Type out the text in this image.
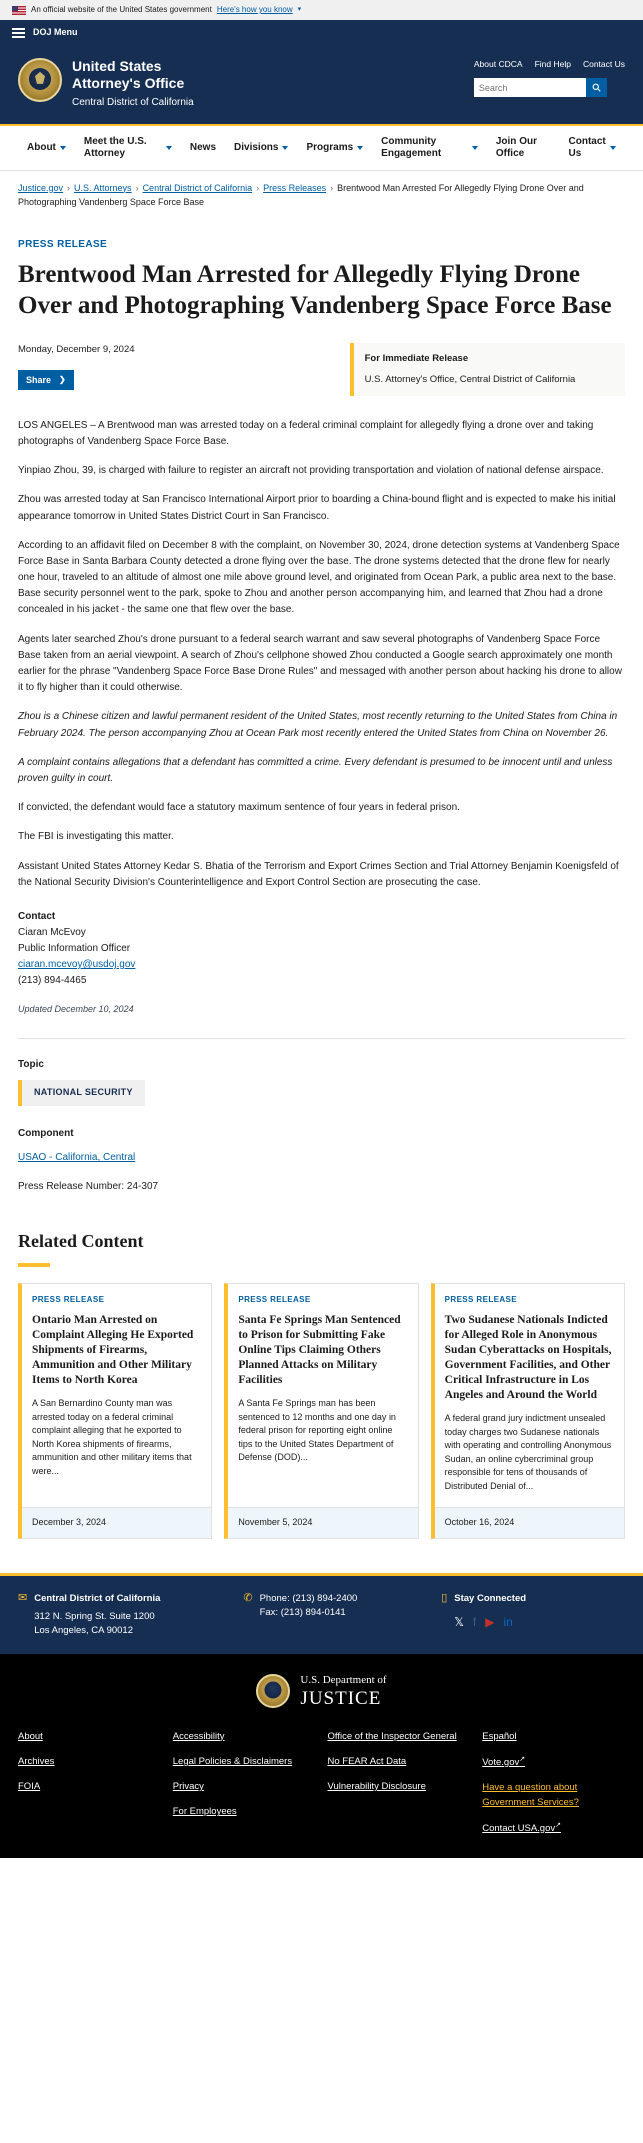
An official website of the United States government Here's how you know ▾
DOJ Menu
United States
Attorney's Office
Central District of California
About CDCA Find Help Contact Us
Search
About
Meet the U.S. Attorney
News Divisions	Programs
Community Engagement
Join Our Office
Contact Us
Justice.gov › U.S. Attorneys › Central District of California › Press Releases › Brentwood Man Arrested For Allegedly Flying Drone Over and Photographing Vandenberg Space Force Base
PRESS RELEASE
Brentwood Man Arrested for Allegedly Flying Drone Over and Photographing Vandenberg Space Force Base
Monday, December 9, 2024
Share ❯
For Immediate Release
U.S. Attorney's Office, Central District of California

LOS ANGELES – A Brentwood man was arrested today on a federal criminal complaint for allegedly flying a drone over and taking photographs of Vandenberg Space Force Base.

Yinpiao Zhou, 39, is charged with failure to register an aircraft not providing transportation and violation of national defense airspace.

Zhou was arrested today at San Francisco International Airport prior to boarding a China-bound flight and is expected to make his initial appearance tomorrow in United States District Court in San Francisco.

According to an affidavit filed on December 8 with the complaint, on November 30, 2024, drone detection systems at Vandenberg Space Force Base in Santa Barbara County detected a drone flying over the base. The drone systems detected that the drone flew for nearly one hour, traveled to an altitude of almost one mile above ground level, and originated from Ocean Park, a public area next to the base. Base security personnel went to the park, spoke to Zhou and another person accompanying him, and learned that Zhou had a drone concealed in his jacket - the same one that flew over the base.

Agents later searched Zhou's drone pursuant to a federal search warrant and saw several photographs of Vandenberg Space Force Base taken from an aerial viewpoint. A search of Zhou's cellphone showed Zhou conducted a Google search approximately one month earlier for the phrase "Vandenberg Space Force Base Drone Rules" and messaged with another person about hacking his drone to allow it to fly higher than it could otherwise.

Zhou is a Chinese citizen and lawful permanent resident of the United States, most recently returning to the United States from China in February 2024. The person accompanying Zhou at Ocean Park most recently entered the United States from China on November 26.

A complaint contains allegations that a defendant has committed a crime. Every defendant is presumed to be innocent until and unless proven guilty in court.

If convicted, the defendant would face a statutory maximum sentence of four years in federal prison.

The FBI is investigating this matter.

Assistant United States Attorney Kedar S. Bhatia of the Terrorism and Export Crimes Section and Trial Attorney Benjamin Koenigsfeld of the National Security Division's Counterintelligence and Export Control Section are prosecuting the case.

Contact
Ciaran McEvoy
Public Information Officer
ciaran.mcevoy@usdoj.gov
(213) 894-4465
Updated December 10, 2024
Topic
NATIONAL SECURITY
Component
USAO - California, Central
Press Release Number: 24-307
Related Content
PRESS RELEASE
Ontario Man Arrested on Complaint Alleging He Exported Shipments of Firearms, Ammunition and Other Military Items to North Korea

A San Bernardino County man was arrested today on a federal criminal complaint alleging that he exported to North Korea shipments of firearms, ammunition and other military items that were...

December 3, 2024
PRESS RELEASE
Santa Fe Springs Man Sentenced to Prison for Submitting Fake Online Tips Claiming Others Planned Attacks on Military Facilities

A Santa Fe Springs man has been sentenced to 12 months and one day in federal prison for reporting eight online tips to the United States Department of Defense (DOD)...

November 5, 2024
PRESS RELEASE
Two Sudanese Nationals Indicted for Alleged Role in Anonymous Sudan Cyberattacks on Hospitals, Government Facilities, and Other Critical Infrastructure in Los Angeles and Around the World

A federal grand jury indictment unsealed today charges two Sudanese nationals with operating and controlling Anonymous Sudan, an online cybercriminal group responsible for tens of thousands of Distributed Denial of...

October 16, 2024
✉ Central District of California
312 N. Spring St. Suite 1200
Los Angeles, CA 90012
✆ Phone: (213) 894-2400
Fax: (213) 894-0141
▯ Stay Connected
𝕏 f ▶ in
U.S. Department of
JUSTICE
About
Archives
FOIA
Accessibility
Legal Policies & Disclaimers
Privacy
For Employees
Office of the Inspector General
No FEAR Act Data
Vulnerability Disclosure
Español
Vote.gov↗
Have a question about Government Services?
Contact USA.gov↗
